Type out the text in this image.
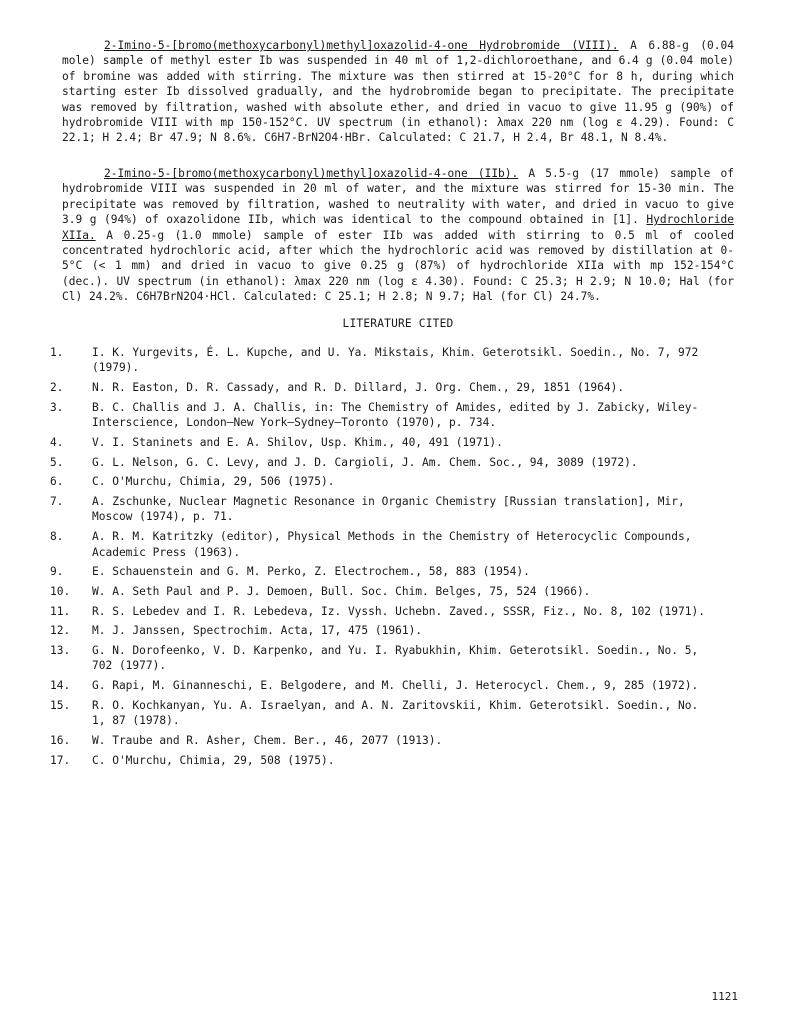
2-Imino-5-[bromo(methoxycarbonyl)methyl]oxazolid-4-one Hydrobromide (VIII). A 6.88-g (0.04 mole) sample of methyl ester Ib was suspended in 40 ml of 1,2-dichloroethane, and 6.4 g (0.04 mole) of bromine was added with stirring. The mixture was then stirred at 15-20°C for 8 h, during which starting ester Ib dissolved gradually, and the hydrobromide began to precipitate. The precipitate was removed by filtration, washed with absolute ether, and dried in vacuo to give 11.95 g (90%) of hydrobromide VIII with mp 150-152°C. UV spectrum (in ethanol): λmax 220 nm (log ε 4.29). Found: C 22.1; H 2.4; Br 47.9; N 8.6%. C6H7-BrN2O4·HBr. Calculated: C 21.7, H 2.4, Br 48.1, N 8.4%.
2-Imino-5-[bromo(methoxycarbonyl)methyl]oxazolid-4-one (IIb). A 5.5-g (17 mmole) sample of hydrobromide VIII was suspended in 20 ml of water, and the mixture was stirred for 15-30 min. The precipitate was removed by filtration, washed to neutrality with water, and dried in vacuo to give 3.9 g (94%) of oxazolidone IIb, which was identical to the compound obtained in [1]. Hydrochloride XIIa. A 0.25-g (1.0 mmole) sample of ester IIb was added with stirring to 0.5 ml of cooled concentrated hydrochloric acid, after which the hydrochloric acid was removed by distillation at 0-5°C (< 1 mm) and dried in vacuo to give 0.25 g (87%) of hydrochloride XIIa with mp 152-154°C (dec.). UV spectrum (in ethanol): λmax 220 nm (log ε 4.30). Found: C 25.3; H 2.9; N 10.0; Hal (for Cl) 24.2%. C6H7BrN2O4·HCl. Calculated: C 25.1; H 2.8; N 9.7; Hal (for Cl) 24.7%.
LITERATURE CITED
1.	I. K. Yurgevits, É. L. Kupche, and U. Ya. Mikstais, Khim. Geterotsikl. Soedin., No. 7, 972 (1979).
2.	N. R. Easton, D. R. Cassady, and R. D. Dillard, J. Org. Chem., 29, 1851 (1964).
3.	B. C. Challis and J. A. Challis, in: The Chemistry of Amides, edited by J. Zabicky, Wiley-Interscience, London—New York—Sydney—Toronto (1970), p. 734.
4.	V. I. Staninets and E. A. Shilov, Usp. Khim., 40, 491 (1971).
5.	G. L. Nelson, G. C. Levy, and J. D. Cargioli, J. Am. Chem. Soc., 94, 3089 (1972).
6.	C. O'Murchu, Chimia, 29, 506 (1975).
7.	A. Zschunke, Nuclear Magnetic Resonance in Organic Chemistry [Russian translation], Mir, Moscow (1974), p. 71.
8.	A. R. M. Katritzky (editor), Physical Methods in the Chemistry of Heterocyclic Compounds, Academic Press (1963).
9.	E. Schauenstein and G. M. Perko, Z. Electrochem., 58, 883 (1954).
10.	W. A. Seth Paul and P. J. Demoen, Bull. Soc. Chim. Belges, 75, 524 (1966).
11.	R. S. Lebedev and I. R. Lebedeva, Iz. Vyssh. Uchebn. Zaved., SSSR, Fiz., No. 8, 102 (1971).
12.	M. J. Janssen, Spectrochim. Acta, 17, 475 (1961).
13.	G. N. Dorofeenko, V. D. Karpenko, and Yu. I. Ryabukhin, Khim. Geterotsikl. Soedin., No. 5, 702 (1977).
14.	G. Rapi, M. Ginanneschi, E. Belgodere, and M. Chelli, J. Heterocycl. Chem., 9, 285 (1972).
15.	R. O. Kochkanyan, Yu. A. Israelyan, and A. N. Zaritovskii, Khim. Geterotsikl. Soedin., No. 1, 87 (1978).
16.	W. Traube and R. Asher, Chem. Ber., 46, 2077 (1913).
17.	C. O'Murchu, Chimia, 29, 508 (1975).
1121
